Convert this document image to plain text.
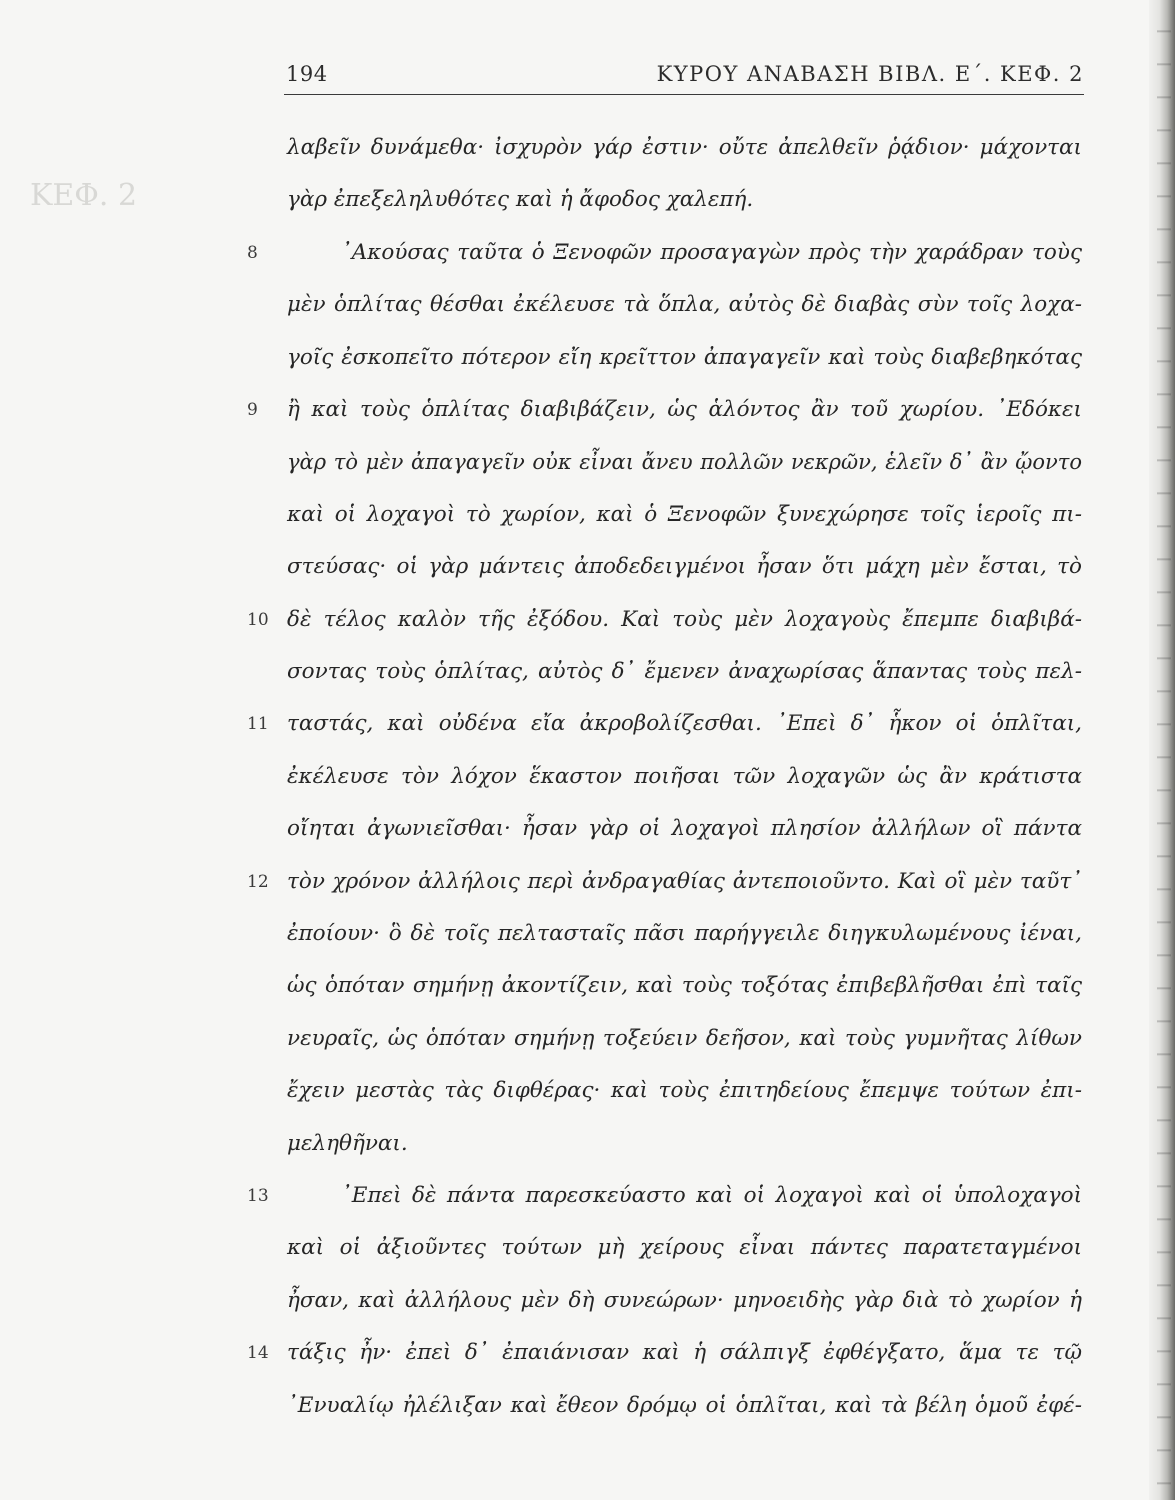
ΚΕΦ. 2
194	ΚΥΡΟΥ ΑΝΑΒΑΣΗ ΒΙΒΛ. Ε΄. ΚΕΦ. 2
λαβεῖν δυνάμεθα· ἰσχυρὸν γάρ ἐστιν· οὔτε ἀπελθεῖν ῥᾴδιον· μάχονται
γὰρ ἐπεξεληλυθότες καὶ ἡ ἄφοδος χαλεπή.
8	᾽Ακούσας ταῦτα ὁ Ξενοφῶν προσαγαγὼν πρὸς τὴν χαράδραν τοὺς
μὲν ὁπλίτας θέσθαι ἐκέλευσε τὰ ὅπλα, αὐτὸς δὲ διαβὰς σὺν τοῖς λοχα-
γοῖς ἐσκοπεῖτο πότερον εἴη κρεῖττον ἀπαγαγεῖν καὶ τοὺς διαβεβηκότας
9	ἢ καὶ τοὺς ὁπλίτας διαβιβάζειν, ὡς ἁλόντος ἂν τοῦ χωρίου. ᾽Εδόκει
γὰρ τὸ μὲν ἀπαγαγεῖν οὐκ εἶναι ἄνευ πολλῶν νεκρῶν, ἑλεῖν δ᾽ ἂν ᾤοντο
καὶ οἱ λοχαγοὶ τὸ χωρίον, καὶ ὁ Ξενοφῶν ξυνεχώρησε τοῖς ἱεροῖς πι-
στεύσας· οἱ γὰρ μάντεις ἀποδεδειγμένοι ἦσαν ὅτι μάχη μὲν ἔσται, τὸ
10 δὲ τέλος καλὸν τῆς ἐξόδου. Καὶ τοὺς μὲν λοχαγοὺς ἔπεμπε διαβιβά-
σοντας τοὺς ὁπλίτας, αὐτὸς δ᾽ ἔμενεν ἀναχωρίσας ἅπαντας τοὺς πελ-
11 ταστάς, καὶ οὐδένα εἴα ἀκροβολίζεσθαι. ᾽Επεὶ δ᾽ ἧκον οἱ ὁπλῖται,
ἐκέλευσε τὸν λόχον ἕκαστον ποιῆσαι τῶν λοχαγῶν ὡς ἂν κράτιστα
οἴηται ἀγωνιεῖσθαι· ἦσαν γὰρ οἱ λοχαγοὶ πλησίον ἀλλήλων οἳ πάντα
12 τὸν χρόνον ἀλλήλοις περὶ ἀνδραγαθίας ἀντεποιοῦντο. Καὶ οἳ μὲν ταῦτ᾽
ἐποίουν· ὃ δὲ τοῖς πελτασταῖς πᾶσι παρήγγειλε διηγκυλωμένους ἰέναι,
ὡς ὁπόταν σημήνῃ ἀκοντίζειν, καὶ τοὺς τοξότας ἐπιβεβλῆσθαι ἐπὶ ταῖς
νευραῖς, ὡς ὁπόταν σημήνῃ τοξεύειν δεῆσον, καὶ τοὺς γυμνῆτας λίθων
ἔχειν μεστὰς τὰς διφθέρας· καὶ τοὺς ἐπιτηδείους ἔπεμψε τούτων ἐπι-
μεληθῆναι.
13	᾽Επεὶ δὲ πάντα παρεσκεύαστο καὶ οἱ λοχαγοὶ καὶ οἱ ὑπολοχαγοὶ
καὶ οἱ ἀξιοῦντες τούτων μὴ χείρους εἶναι πάντες παρατεταγμένοι
ἦσαν, καὶ ἀλλήλους μὲν δὴ συνεώρων· μηνοειδὴς γὰρ διὰ τὸ χωρίον ἡ
14 τάξις ἦν· ἐπεὶ δ᾽ ἐπαιάνισαν καὶ ἡ σάλπιγξ ἐφθέγξατο, ἅμα τε τῷ
᾽Ενυαλίῳ ἠλέλιξαν καὶ ἔθεον δρόμῳ οἱ ὁπλῖται, καὶ τὰ βέλη ὁμοῦ ἐφέ-
